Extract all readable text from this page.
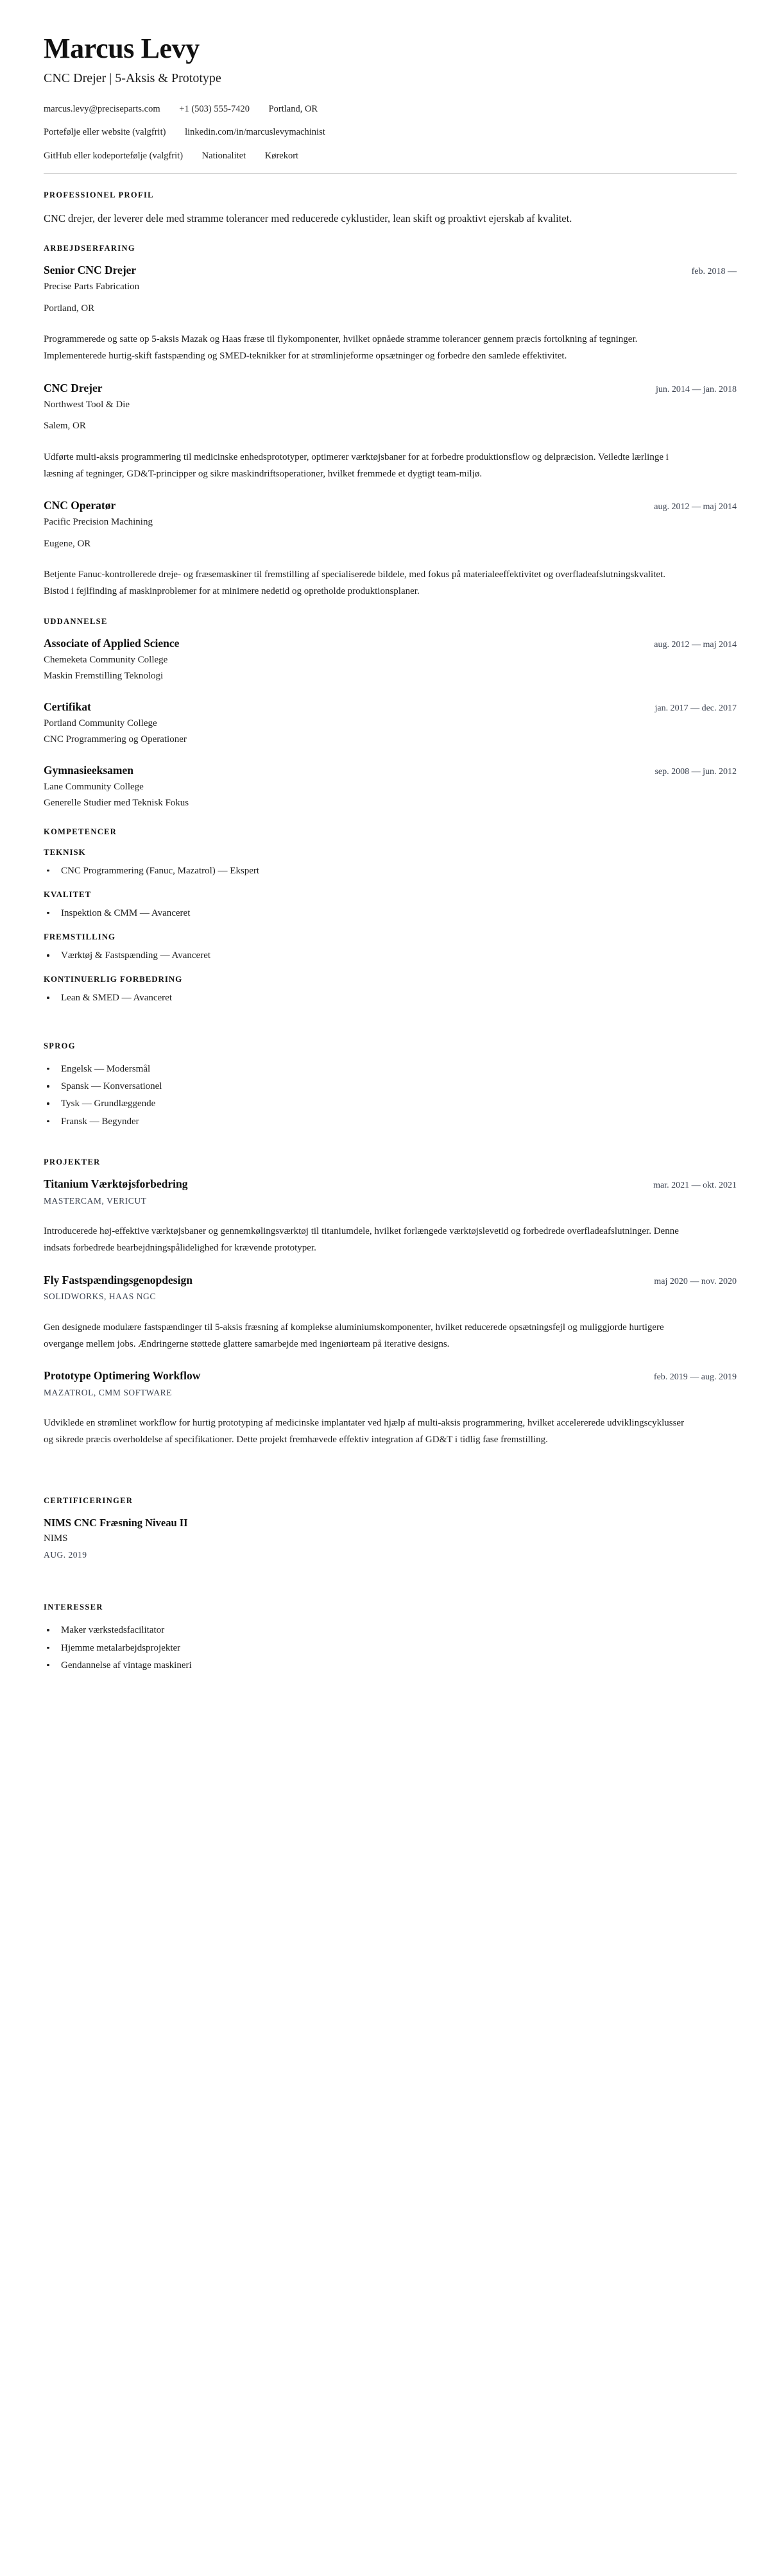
Marcus Levy
CNC Drejer | 5-Aksis & Prototype
marcus.levy@preciseparts.com +1 (503) 555-7420 Portland, OR
Portefølje eller website (valgfrit) linkedin.com/in/marcuslevymachinist
GitHub eller kodeportefølje (valgfrit) Nationalitet Kørekort
PROFESSIONEL PROFIL

CNC drejer, der leverer dele med stramme tolerancer med reducerede cyklustider, lean skift og proaktivt ejerskab af kvalitet.

ARBEJDSERFARING
Senior CNC Drejer	feb. 2018 —
Precise Parts Fabrication
Portland, OR
Programmerede og satte op 5-aksis Mazak og Haas fræse til flykomponenter, hvilket opnåede stramme tolerancer gennem præcis fortolkning af tegninger. Implementerede hurtig-skift fastspænding og SMED-teknikker for at strømlinjeforme opsætninger og forbedre den samlede effektivitet.
CNC Drejer	jun. 2014 — jan. 2018
Northwest Tool & Die
Salem, OR
Udførte multi-aksis programmering til medicinske enhedsprototyper, optimerer værktøjsbaner for at forbedre produktionsflow og delpræcision. Veiledte lærlinge i læsning af tegninger, GD&T-principper og sikre maskindriftsoperationer, hvilket fremmede et dygtigt team-miljø.
CNC Operatør	aug. 2012 — maj 2014
Pacific Precision Machining
Eugene, OR
Betjente Fanuc-kontrollerede dreje- og fræsemaskiner til fremstilling af specialiserede bildele, med fokus på materialeeffektivitet og overfladeafslutningskvalitet. Bistod i fejlfinding af maskinproblemer for at minimere nedetid og opretholde produktionsplaner.
UDDANNELSE
Associate of Applied Science	aug. 2012 — maj 2014
Chemeketa Community College
Maskin Fremstilling Teknologi
Certifikat	jan. 2017 — dec. 2017
Portland Community College
CNC Programmering og Operationer
Gymnasieeksamen	sep. 2008 — jun. 2012
Lane Community College
Generelle Studier med Teknisk Fokus
KOMPETENCER
TEKNISK
CNC Programmering (Fanuc, Mazatrol) — Ekspert
KVALITET
Inspektion & CMM — Avanceret
FREMSTILLING
Værktøj & Fastspænding — Avanceret
KONTINUERLIG FORBEDRING
Lean & SMED — Avanceret
SPROG
Engelsk — Modersmål
Spansk — Konversationel
Tysk — Grundlæggende
Fransk — Begynder
PROJEKTER
Titanium Værktøjsforbedring	mar. 2021 — okt. 2021
MASTERCAM, VERICUT
Introducerede høj-effektive værktøjsbaner og gennemkølingsværktøj til titaniumdele, hvilket forlængede værktøjslevetid og forbedrede overfladeafslutninger. Denne indsats forbedrede bearbejdningspålidelighed for krævende prototyper.
Fly Fastspændingsgenopdesign	maj 2020 — nov. 2020
SOLIDWORKS, HAAS NGC
Gen designede modulære fastspændinger til 5-aksis fræsning af komplekse aluminiumskomponenter, hvilket reducerede opsætningsfejl og muliggjorde hurtigere overgange mellem jobs. Ændringerne støttede glattere samarbejde med ingeniørteam på iterative designs.
Prototype Optimering Workflow	feb. 2019 — aug. 2019
MAZATROL, CMM SOFTWARE
Udviklede en strømlinet workflow for hurtig prototyping af medicinske implantater ved hjælp af multi-aksis programmering, hvilket accelererede udviklingscyklusser og sikrede præcis overholdelse af specifikationer. Dette projekt fremhævede effektiv integration af GD&T i tidlig fase fremstilling.
CERTIFICERINGER
NIMS CNC Fræsning Niveau II
NIMS
AUG. 2019
INTERESSER
Maker værkstedsfacilitator
Hjemme metalarbejdsprojekter
Gendannelse af vintage maskineri
